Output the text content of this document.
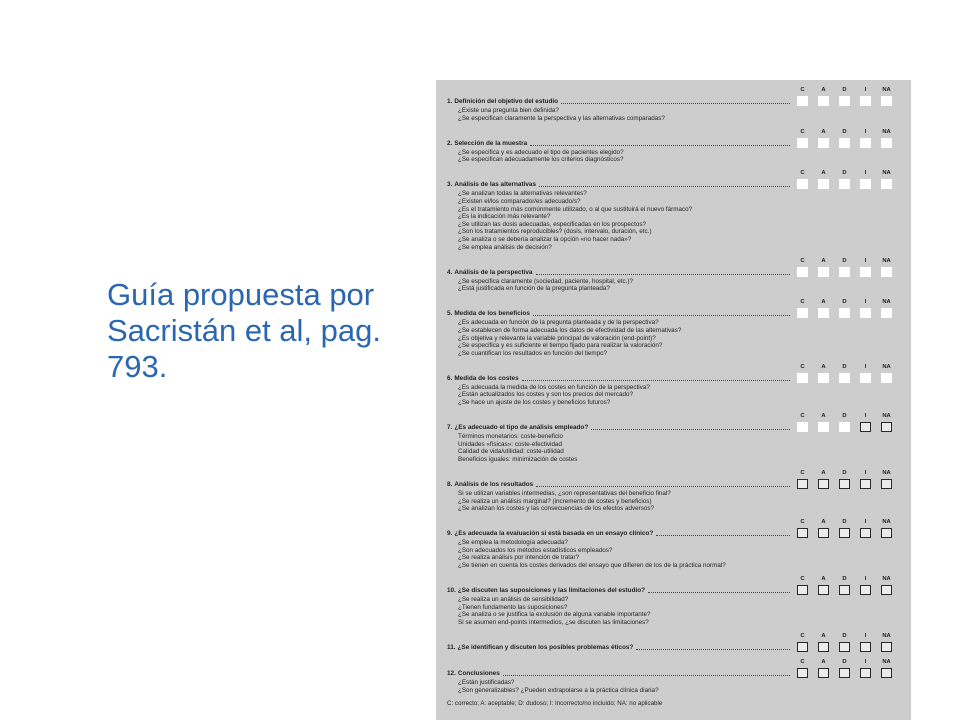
Guía propuesta por Sacristán et al, pag. 793.
C	A	D	I	NA
1. Definición del objetivo del estudio
¿Existe una pregunta bien definida?
¿Se especifican claramente la perspectiva y las alternativas comparadas?
C	A	D	I	NA
2. Selección de la muestra
¿Se especifica y es adecuado el tipo de pacientes elegido?
¿Se especifican adecuadamente los criterios diagnósticos?
C	A	D	I	NA
3. Análisis de las alternativas
¿Se analizan todas la alternativas relevantes?
¿Existen el/los comparador/es adecuado/s?
¿Es el tratamiento más comúnmente utilizado, o al que sustituirá el nuevo fármaco?
¿Es la indicación más relevante?
¿Se utilizan las dosis adecuadas, especificadas en los prospectos?
¿Son los tratamientos reproducibles? (dosis, intervalo, duración, etc.)
¿Se analiza o se debería analizar la opción «no hacer nada»?
¿Se emplea análisis de decisión?
C	A	D	I	NA
4. Análisis de la perspectiva
¿Se especifica claramente (sociedad, paciente, hospital, etc.)?
¿Está justificada en función de la pregunta planteada?
C	A	D	I	NA
5. Medida de los beneficios
¿Es adecuada en función de la pregunta planteada y de la perspectiva?
¿Se establecen de forma adecuada los datos de efectividad de las alternativas?
¿Es objetiva y relevante la variable principal de valoración (end-point)?
¿Se especifica y es suficiente el tiempo fijado para realizar la valoración?
¿Se cuantifican los resultados en función del tiempo?
C	A	D	I	NA
6. Medida de los costes
¿Es adecuada la medida de los costes en función de la perspectiva?
¿Están actualizados los costes y son los precios del mercado?
¿Se hace un ajuste de los costes y beneficios futuros?
C	A	D	I	NA
7. ¿Es adecuado el tipo de análisis empleado?
Términos monetarios: coste-beneficio
Unidades «físicas»: coste-efectividad
Calidad de vida/utilidad: coste-utilidad
Beneficios iguales: minimización de costes
C	A	D	I	NA
8. Análisis de los resultados
Si se utilizan variables intermedias, ¿son representativas del beneficio final?
¿Se realiza un análisis marginal? (incremento de costes y beneficios)
¿Se analizan los costes y las consecuencias de los efectos adversos?
C	A	D	I	NA
9. ¿Es adecuada la evaluación si está basada en un ensayo clínico?
¿Se emplea la metodología adecuada?
¿Son adecuados los métodos estadísticos empleados?
¿Se realiza análisis por intención de tratar?
¿Se tienen en cuenta los costes derivados del ensayo que difieren de los de la práctica normal?
C	A	D	I	NA
10. ¿Se discuten las suposiciones y las limitaciones del estudio?
¿Se realiza un análisis de sensibilidad?
¿Tienen fundamento las suposiciones?
¿Se analiza o se justifica la exclusión de alguna variable importante?
Si se asumen end-points intermedios, ¿se discuten las limitaciones?
C	A	D	I	NA
11. ¿Se identifican y discuten los posibles problemas éticos?
C	A	D	I	NA
12. Conclusiones
¿Están justificadas?
¿Son generalizables? ¿Pueden extrapolarse a la práctica clínica diaria?
C: correcto; A: aceptable; D: dudoso; I: Incorrecto/no incluido; NA: no aplicable
